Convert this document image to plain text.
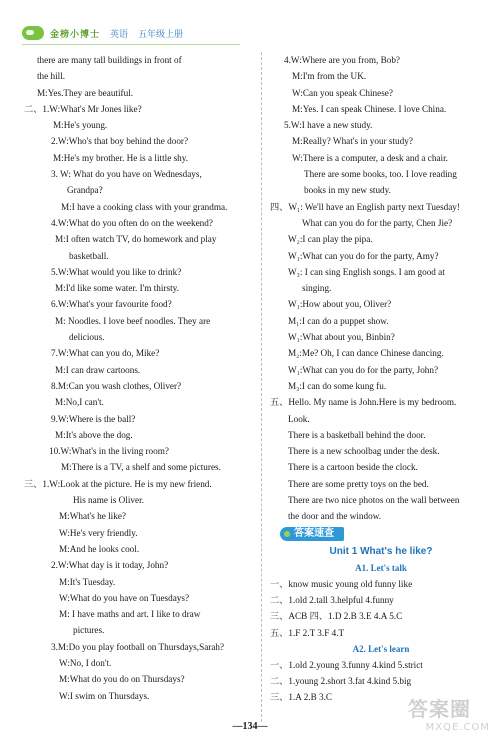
金榜小博士 英语 五年级上册
there are many tall buildings in front of
the hill.
M:Yes.They are beautiful.
二、1.W:What's Mr Jones like?
M:He's young.
2.W:Who's that boy behind the door?
M:He's my brother. He is a little shy.
3. W: What do you have on Wednesdays,
Grandpa?
M:I have a cooking class with your grandma.
4.W:What do you often do on the weekend?
M:I often watch TV, do homework and play
basketball.
5.W:What would you like to drink?
M:I'd like some water. I'm thirsty.
6.W:What's your favourite food?
M: Noodles. I love beef noodles. They are
delicious.
7.W:What can you do, Mike?
M:I can draw cartoons.
8.M:Can you wash clothes, Oliver?
M:No,I can't.
9.W:Where is the ball?
M:It's above the dog.
10.W:What's in the living room?
M:There is a TV, a shelf and some pictures.
三、1.W:Look at the picture. He is my new friend.
His name is Oliver.
M:What's he like?
W:He's very friendly.
M:And he looks cool.
2.W:What day is it today, John?
M:It's Tuesday.
W:What do you have on Tuesdays?
M: I have maths and art. I like to draw
pictures.
3.M:Do you play football on Thursdays,Sarah?
W:No, I don't.
M:What do you do on Thursdays?
W:I swim on Thursdays.
4.W:Where are you from, Bob?
M:I'm from the UK.
W:Can you speak Chinese?
M:Yes. I can speak Chinese. I love China.
5.W:I have a new study.
M:Really? What's in your study?
W:There is a computer, a desk and a chair.
There are some books, too. I love reading
books in my new study.
四、W₁: We'll have an English party next Tuesday!
What can you do for the party, Chen Jie?
W₂:I can play the pipa.
W₁:What can you do for the party, Amy?
W₃: I can sing English songs. I am good at
singing.
W₁:How about you, Oliver?
M₁:I can do a puppet show.
W₁:What about you, Binbin?
M₂:Me? Oh, I can dance Chinese dancing.
W₁:What can you do for the party, John?
M₃:I can do some kung fu.
五、Hello. My name is John.Here is my bedroom.
Look.
There is a basketball behind the door.
There is a new schoolbag under the desk.
There is a cartoon beside the clock.
There are some pretty toys on the bed.
There are two nice photos on the wall between
the door and the window.
答案速查
Unit 1 What's he like?
A1. Let's talk
一、know music young old funny like
二、1.old 2.tall 3.helpful 4.funny
三、ACB 四、1.D 2.B 3.E 4.A 5.C
五、1.F 2.T 3.F 4.T
A2. Let's learn
一、1.old 2.young 3.funny 4.kind 5.strict
二、1.young 2.short 3.fat 4.kind 5.big
三、1.A 2.B 3.C
—134—
答案圈
MXQE.COM
